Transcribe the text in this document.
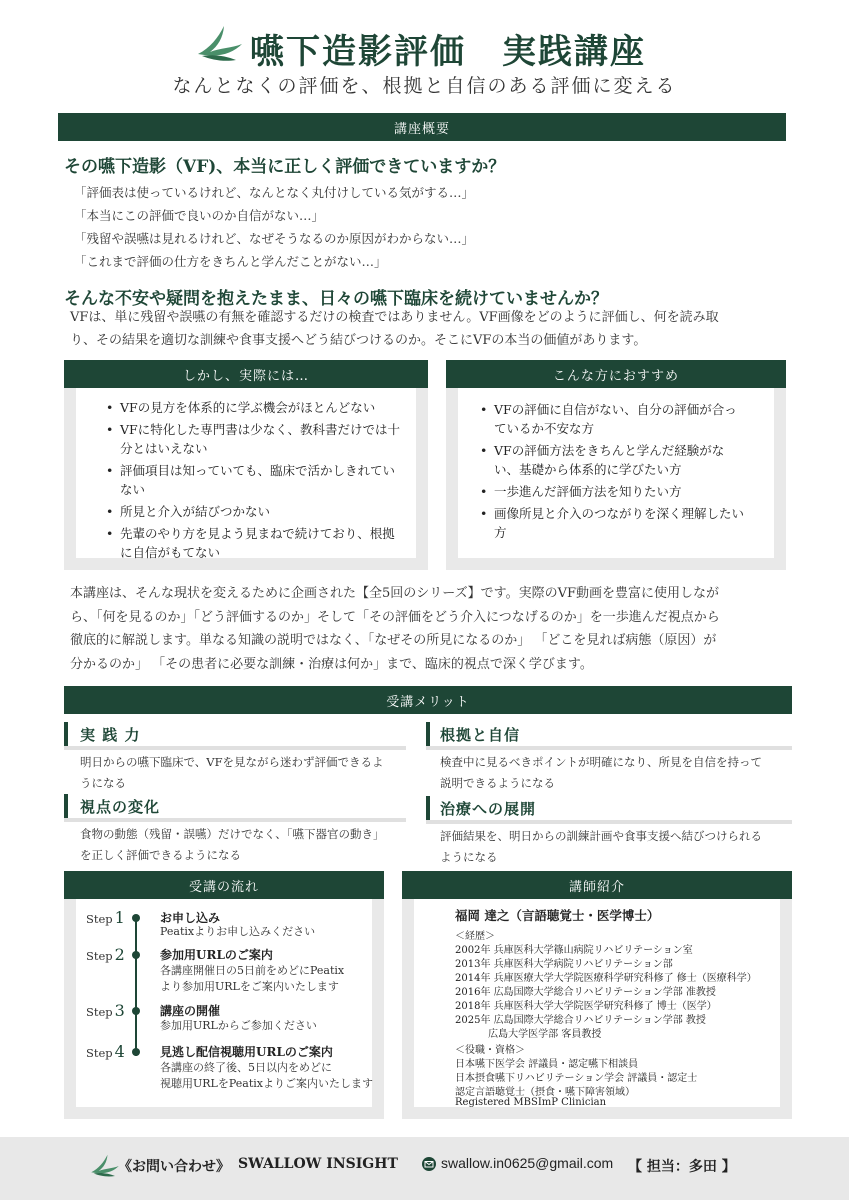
嚥下造影評価　実践講座
なんとなくの評価を、根拠と自信のある評価に変える
講座概要
その嚥下造影（VF)、本当に正しく評価できていますか？
「評価表は使っているけれど、なんとなく丸付けしている気がする…」
「本当にこの評価で良いのか自信がない…」
「残留や誤嚥は見れるけれど、なぜそうなるのか原因がわからない…」
「これまで評価の仕方をきちんと学んだことがない…」
そんな不安や疑問を抱えたまま、日々の嚥下臨床を続けていませんか？
VFは、単に残留や誤嚥の有無を確認するだけの検査ではありません。VF画像をどのように評価し、何を読み取
り、その結果を適切な訓練や食事支援へどう結びつけるのか。そこにVFの本当の価値があります。
しかし、実際には…
• VFの見方を体系的に学ぶ機会がほとんどない
• VFに特化した専門書は少なく、教科書だけでは十分とはいえない
• 評価項目は知っていても、臨床で活かしきれていない
• 所見と介入が結びつかない
• 先輩のやり方を見よう見まねで続けており、根拠に自信がもてない
こんな方におすすめ
• VFの評価に自信がない、自分の評価が合っているか不安な方
• VFの評価方法をきちんと学んだ経験がない、基礎から体系的に学びたい方
• 一歩進んだ評価方法を知りたい方
• 画像所見と介入のつながりを深く理解したい方
本講座は、そんな現状を変えるために企画された【全5回のシリーズ】です。実際のVF動画を豊富に使用しなが
ら、「何を見るのか」「どう評価するのか」そして「その評価をどう介入につなげるのか」を一歩進んだ視点から
徹底的に解説します。単なる知識の説明ではなく、「なぜその所見になるのか」 「どこを見れば病態（原因）が
分かるのか」 「その患者に必要な訓練・治療は何か」まで、臨床的視点で深く学びます。
受講メリット
実 践 力
明日からの嚥下臨床で、VFを見ながら迷わず評価できるよ
うになる
根拠と自信
検査中に見るべきポイントが明確になり、所見を自信を持って
説明できるようになる
視点の変化
食物の動態（残留・誤嚥）だけでなく、「嚥下器官の動き」
を正しく評価できるようになる
治療への展開
評価結果を、明日からの訓練計画や食事支援へ結びつけられる
ようになる
受講の流れ
Step 1	お申し込み
Peatixよりお申し込みください
Step 2	参加用URLのご案内
各講座開催日の5日前をめどにPeatix
より参加用URLをご案内いたします
Step 3	講座の開催
参加用URLからご参加ください
Step 4	見逃し配信視聴用URLのご案内
各講座の終了後、5日以内をめどに
視聴用URLをPeatixよりご案内いたします
講師紹介
福岡 達之（言語聴覚士・医学博士）
＜経歴＞
2002年 兵庫医科大学篠山病院リハビリテーション室
2013年 兵庫医科大学病院リハビリテーション部
2014年 兵庫医療大学大学院医療科学研究科修了 修士（医療科学）
2016年 広島国際大学総合リハビリテーション学部 准教授
2018年 兵庫医科大学大学院医学研究科修了 博士（医学）
2025年 広島国際大学総合リハビリテーション学部 教授
　　　 広島大学医学部 客員教授
＜役職・資格＞
日本嚥下医学会 評議員・認定嚥下相談員
日本摂食嚥下リハビリテーション学会 評議員・認定士
認定言語聴覚士（摂食・嚥下障害領域）
Registered MBSImP Clinician
《お問い合わせ》 SWALLOW INSIGHT	swallow.in0625@gmail.com 【 担当：多田 】
